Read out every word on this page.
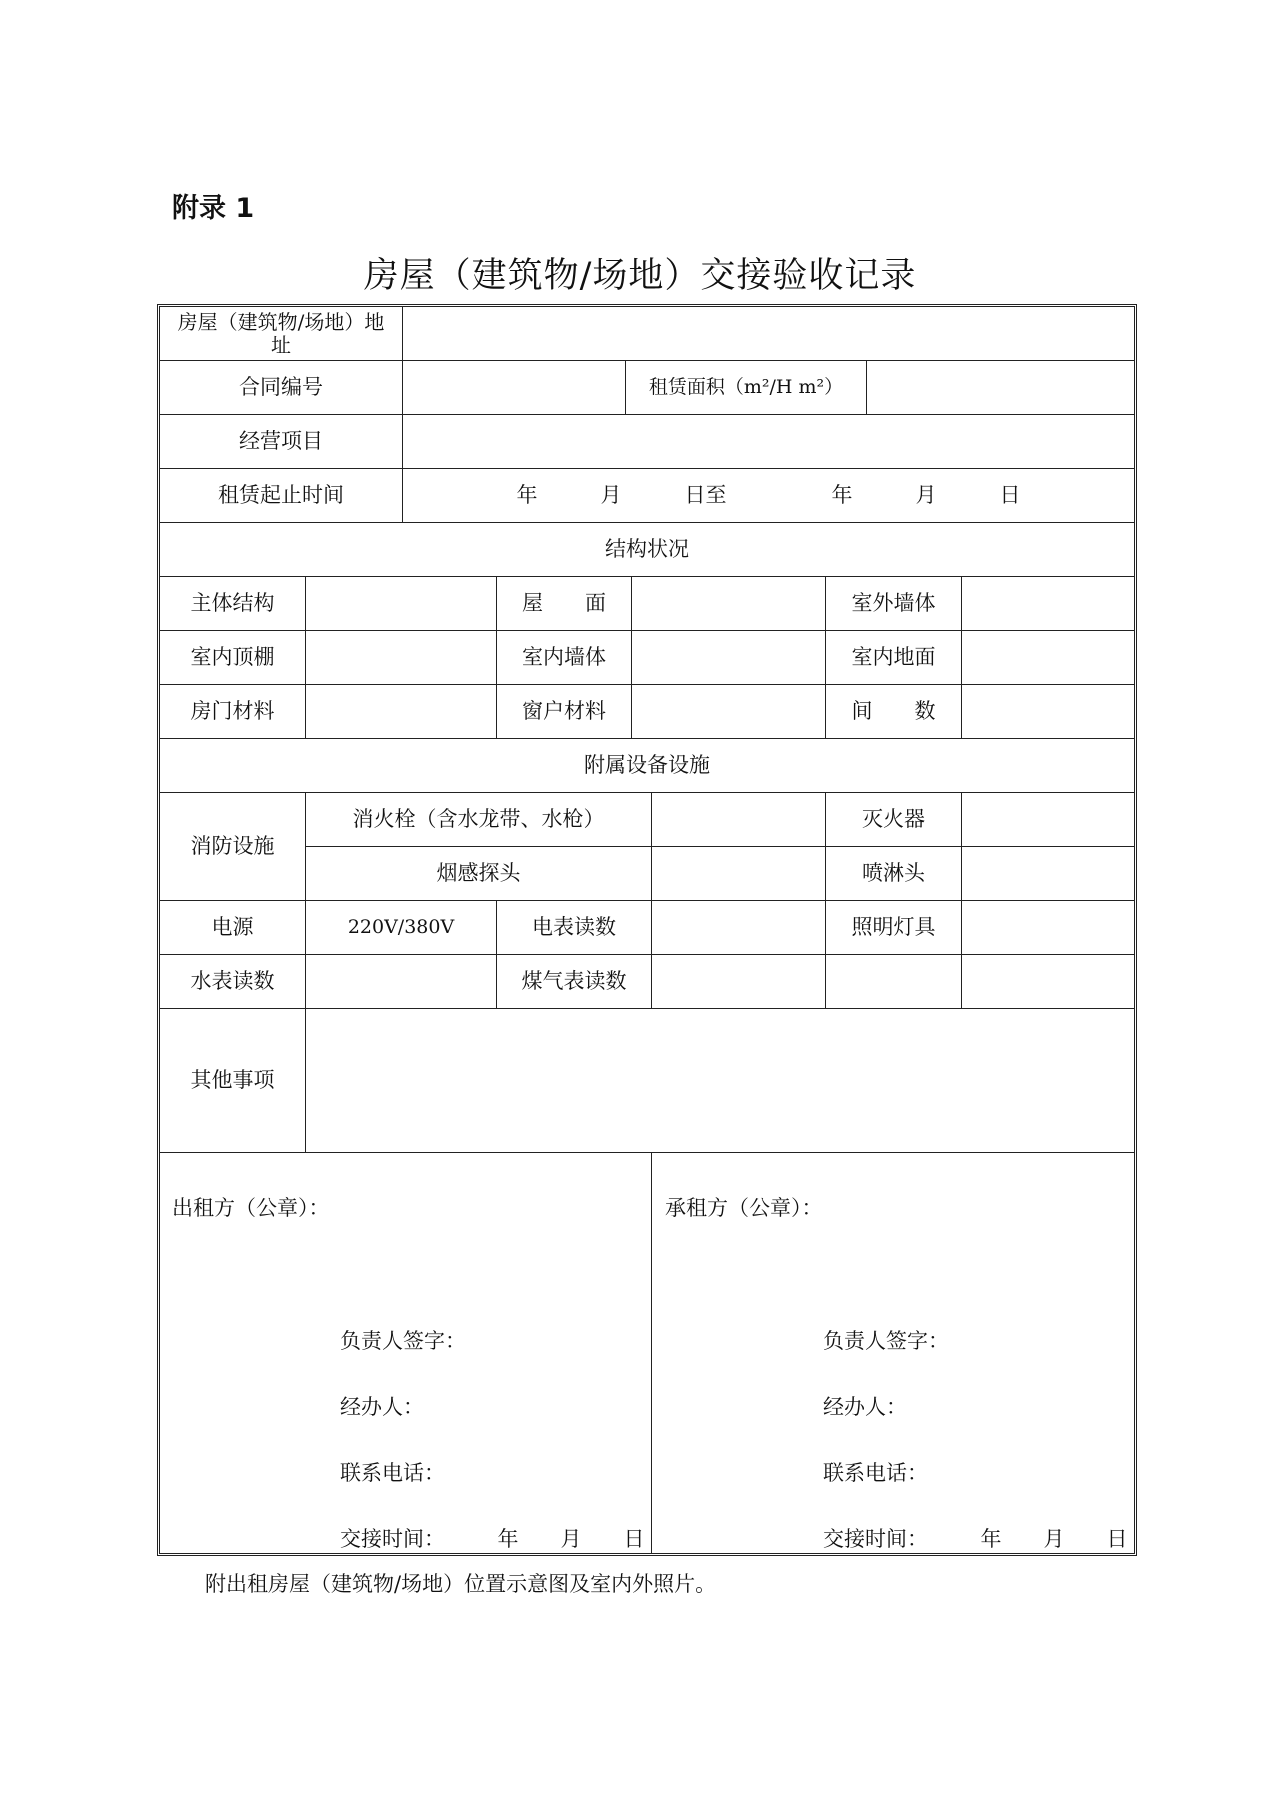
附录 1
房屋（建筑物/场地）交接验收记录
房屋（建筑物/场地）地址
合同编号	租赁面积（m²/H m²）
经营项目
租赁起止时间	年　　　月　　　日至　　　　　年　　　月　　　日
结构状况
主体结构	屋　　面	室外墙体
室内顶棚	室内墙体	室内地面
房门材料	窗户材料	间　　数
附属设备设施
消防设施
消火栓（含水龙带、水枪）	灭火器
烟感探头	喷淋头
电源	220V/380V	电表读数	照明灯具
水表读数	煤气表读数
其他事项
出租方（公章）：
负责人签字：
经办人：
联系电话：
交接时间：　　　年　　月　　日
承租方（公章）：
负责人签字：
经办人：
联系电话：
交接时间：　　　年　　月　　日
附出租房屋（建筑物/场地）位置示意图及室内外照片。
